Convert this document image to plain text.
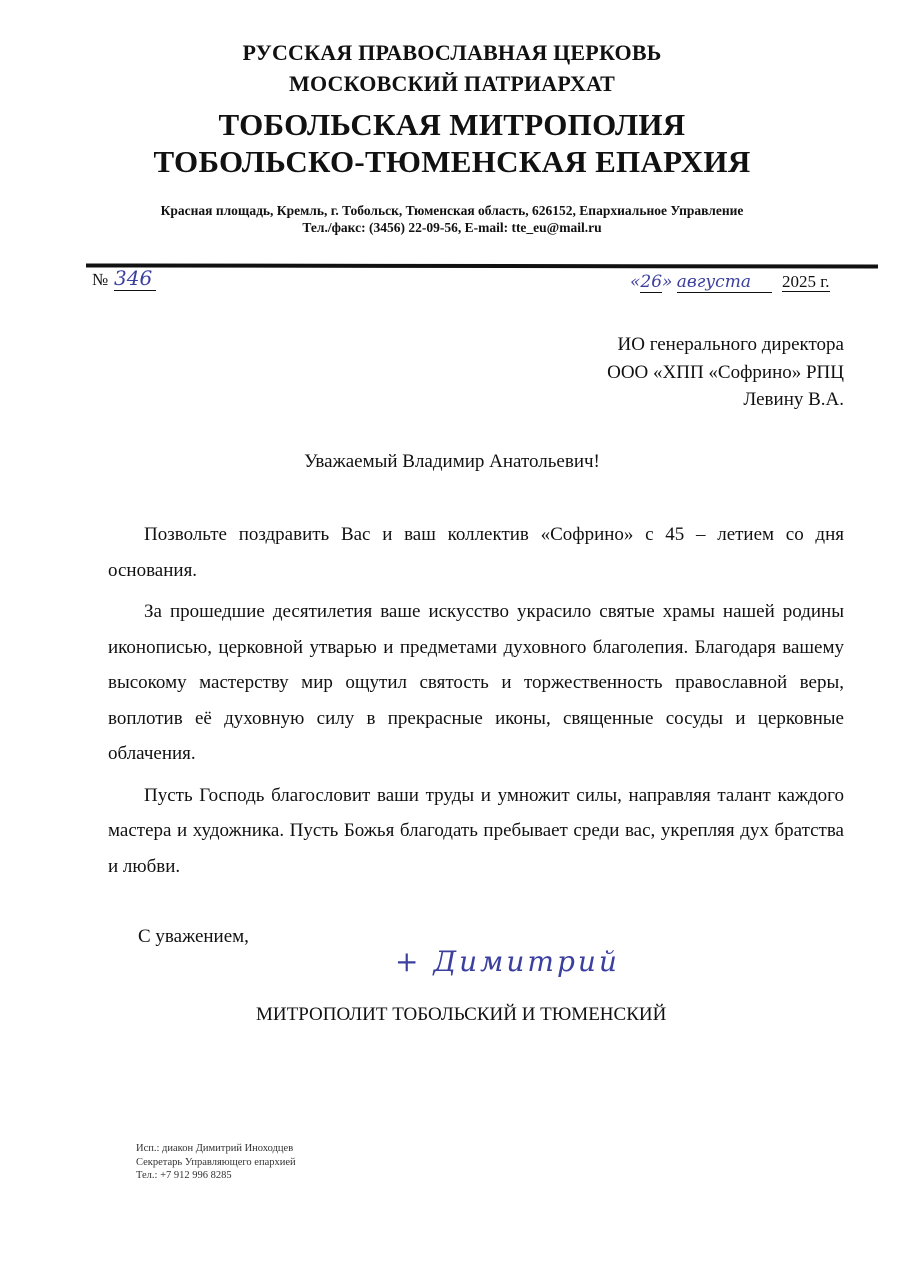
РУССКАЯ ПРАВОСЛАВНАЯ ЦЕРКОВЬ
МОСКОВСКИЙ ПАТРИАРХАТ
ТОБОЛЬСКАЯ МИТРОПОЛИЯ
ТОБОЛЬСКО-ТЮМЕНСКАЯ ЕПАРХИЯ
Красная площадь, Кремль, г. Тобольск, Тюменская область, 626152, Епархиальное Управление
Тел./факс: (3456) 22-09-56, E-mail: tte_eu@mail.ru
№ 346	«26» августа 2025 г.
ИО генерального директора
ООО «ХПП «Софрино» РПЦ
Левину В.А.
Уважаемый Владимир Анатольевич!

Позвольте поздравить Вас и ваш коллектив «Софрино» с 45 – летием со дня основания.

За прошедшие десятилетия ваше искусство украсило святые храмы нашей родины иконописью, церковной утварью и предметами духовного благолепия. Благодаря вашему высокому мастерству мир ощутил святость и торжественность православной веры, воплотив её духовную силу в прекрасные иконы, священные сосуды и церковные облачения.

Пусть Господь благословит ваши труды и умножит силы, направляя талант каждого мастера и художника. Пусть Божья благодать пребывает среди вас, укрепляя дух братства и любви.

С уважением,
+ Димитрий
МИТРОПОЛИТ ТОБОЛЬСКИЙ И ТЮМЕНСКИЙ
Исп.: диакон Димитрий Иноходцев
Секретарь Управляющего епархией
Тел.: +7 912 996 8285
